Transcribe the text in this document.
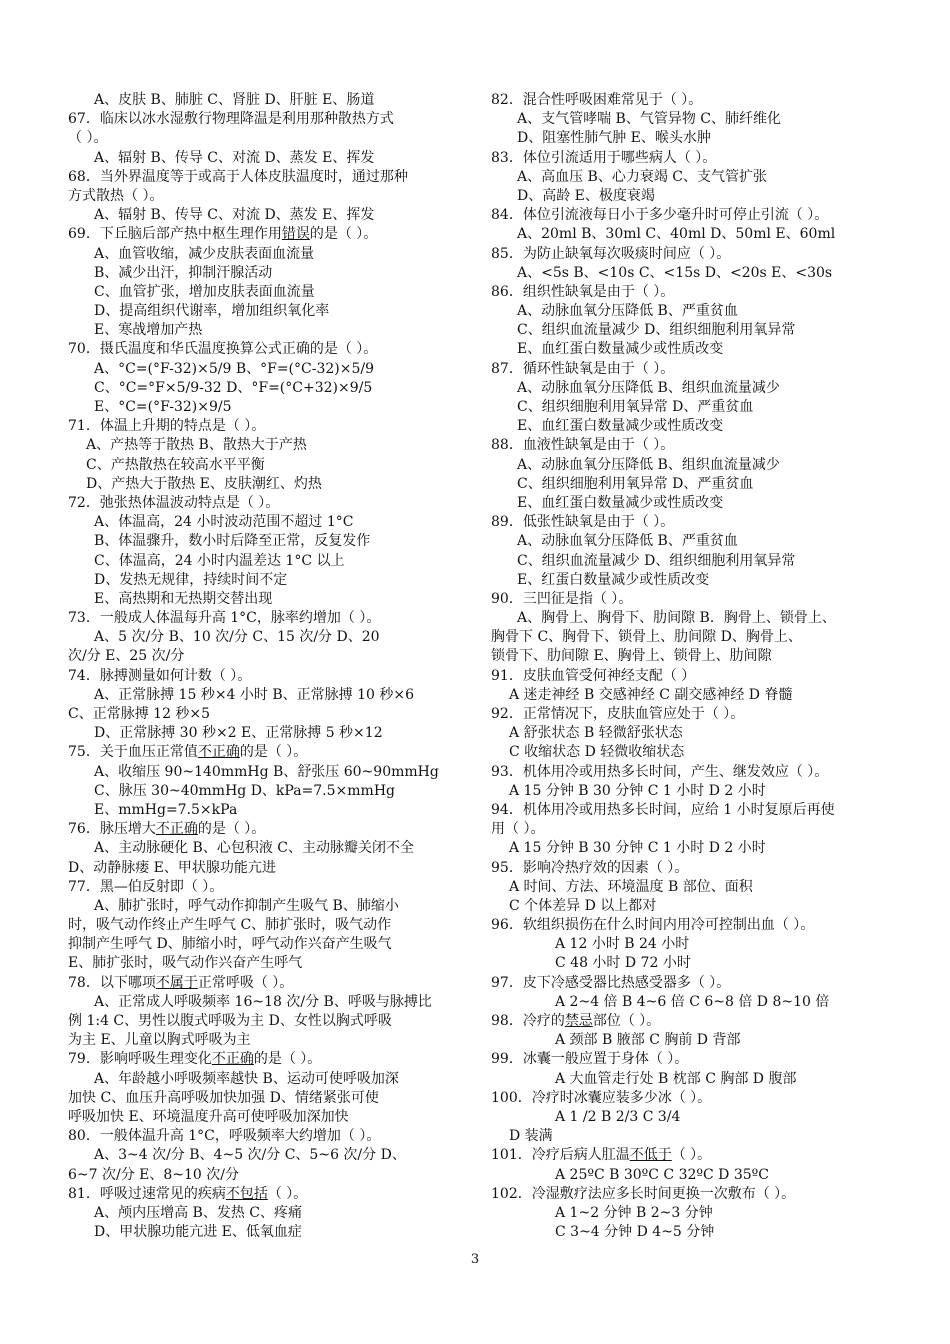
A、皮肤 B、肺脏 C、肾脏 D、肝脏 E、肠道
67．临床以冰水湿敷行物理降温是利用那种散热方式
（ ）。
A、辐射 B、传导 C、对流 D、蒸发 E、挥发
68．当外界温度等于或高于人体皮肤温度时，通过那种
方式散热（ ）。
A、辐射 B、传导 C、对流 D、蒸发 E、挥发
69．下丘脑后部产热中枢生理作用错误的是（ ）。
A、血管收缩，减少皮肤表面血流量
B、减少出汗，抑制汗腺活动
C、血管扩张，增加皮肤表面血流量
D、提高组织代谢率，增加组织氧化率
E、寒战增加产热
70．摄氏温度和华氏温度换算公式正确的是（ ）。
A、°C=(°F-32)×5/9 B、°F=(°C-32)×5/9
C、°C=°F×5/9-32 D、°F=(°C+32)×9/5
E、°C=(°F-32)×9/5
71．体温上升期的特点是（ ）。
A、产热等于散热 B、散热大于产热
C、产热散热在较高水平平衡
D、产热大于散热 E、皮肤潮红、灼热
72．弛张热体温波动特点是（ ）。
A、体温高，24 小时波动范围不超过 1°C
B、体温骤升，数小时后降至正常，反复发作
C、体温高，24 小时内温差达 1°C 以上
D、发热无规律，持续时间不定
E、高热期和无热期交替出现
73．一般成人体温每升高 1°C，脉率约增加（ ）。
A、5 次/分 B、10 次/分 C、15 次/分 D、20
次/分 E、25 次/分
74．脉搏测量如何计数（ ）。
A、正常脉搏 15 秒×4 小时 B、正常脉搏 10 秒×6
C、正常脉搏 12 秒×5
D、正常脉搏 30 秒×2 E、正常脉搏 5 秒×12
75．关于血压正常值不正确的是（ ）。
A、收缩压 90~140mmHg B、舒张压 60~90mmHg
C、脉压 30~40mmHg D、kPa=7.5×mmHg
E、mmHg=7.5×kPa
76．脉压增大不正确的是（ ）。
A、主动脉硬化 B、心包积液 C、主动脉瓣关闭不全
D、动静脉瘘 E、甲状腺功能亢进
77．黑—伯反射即（ ）。
A、肺扩张时，呼气动作抑制产生吸气 B、肺缩小
时，吸气动作终止产生呼气 C、肺扩张时，吸气动作
抑制产生呼气 D、肺缩小时，呼气动作兴奋产生吸气
E、肺扩张时，吸气动作兴奋产生呼气
78．以下哪项不属于正常呼吸（ ）。
A、正常成人呼吸频率 16~18 次/分 B、呼吸与脉搏比
例 1:4 C、男性以腹式呼吸为主 D、女性以胸式呼吸
为主 E、儿童以胸式呼吸为主
79．影响呼吸生理变化不正确的是（ ）。
A、年龄越小呼吸频率越快 B、运动可使呼吸加深
加快 C、血压升高呼吸加快加强 D、情绪紧张可使
呼吸加快 E、环境温度升高可使呼吸加深加快
80．一般体温升高 1°C，呼吸频率大约增加（ ）。
A、3~4 次/分 B、4~5 次/分 C、5~6 次/分 D、
6~7 次/分 E、8~10 次/分
81．呼吸过速常见的疾病不包括（ ）。
A、颅内压增高 B、发热 C、疼痛
D、甲状腺功能亢进 E、低氧血症
82．混合性呼吸困难常见于（ ）。
A、支气管哮喘 B、气管异物 C、肺纤维化
D、阻塞性肺气肿 E、喉头水肿
83．体位引流适用于哪些病人（ ）。
A、高血压 B、心力衰竭 C、支气管扩张
D、高龄 E、极度衰竭
84．体位引流液每日小于多少毫升时可停止引流（ ）。
A、20ml B、30ml C、40ml D、50ml E、60ml
85．为防止缺氧每次吸痰时间应（ ）。
A、<5s B、<10s C、<15s D、<20s E、<30s
86．组织性缺氧是由于（ ）。
A、动脉血氧分压降低 B、严重贫血
C、组织血流量减少 D、组织细胞利用氧异常
E、血红蛋白数量减少或性质改变
87．循环性缺氧是由于（ ）。
A、动脉血氧分压降低 B、组织血流量减少
C、组织细胞利用氧异常 D、严重贫血
E、血红蛋白数量减少或性质改变
88．血液性缺氧是由于（ ）。
A、动脉血氧分压降低 B、组织血流量减少
C、组织细胞利用氧异常 D、严重贫血
E、血红蛋白数量减少或性质改变
89．低张性缺氧是由于（ ）。
A、动脉血氧分压降低 B、严重贫血
C、组织血流量减少 D、组织细胞利用氧异常
E、红蛋白数量减少或性质改变
90．三凹征是指（ ）。
A、胸骨上、胸骨下、肋间隙 B．胸骨上、锁骨上、
胸骨下 C、胸骨下、锁骨上、肋间隙 D、胸骨上、
锁骨下、肋间隙 E、胸骨上、锁骨上、肋间隙
91．皮肤血管受何神经支配（ ）
A 迷走神经 B 交感神经 C 副交感神经 D 脊髓
92．正常情况下，皮肤血管应处于（ ）。
A 舒张状态 B 轻微舒张状态
C 收缩状态 D 轻微收缩状态
93．机体用冷或用热多长时间，产生、继发效应（ ）。
A 15 分钟 B 30 分钟 C 1 小时 D 2 小时
94．机体用冷或用热多长时间，应给 1 小时复原后再使
用（ ）。
A 15 分钟 B 30 分钟 C 1 小时 D 2 小时
95．影响冷热疗效的因素（ ）。
A 时间、方法、环境温度 B 部位、面积
C 个体差异 D 以上都对
96．软组织损伤在什么时间内用冷可控制出血（ ）。
A 12 小时 B 24 小时
C 48 小时 D 72 小时
97．皮下冷感受器比热感受器多（ ）。
A 2~4 倍 B 4~6 倍 C 6~8 倍 D 8~10 倍
98．冷疗的禁忌部位（ ）。
A 颈部 B 腋部 C 胸前 D 背部
99．冰囊一般应置于身体（ ）。
A 大血管走行处 B 枕部 C 胸部 D 腹部
100．冷疗时冰囊应装多少冰（ ）。
A 1 /2 B 2/3 C 3/4
D 装满
101．冷疗后病人肛温不低于（ ）。
A 25ºC B 30ºC C 32ºC D 35ºC
102．冷湿敷疗法应多长时间更换一次敷布（ ）。
A 1~2 分钟 B 2~3 分钟
C 3~4 分钟 D 4~5 分钟
3
